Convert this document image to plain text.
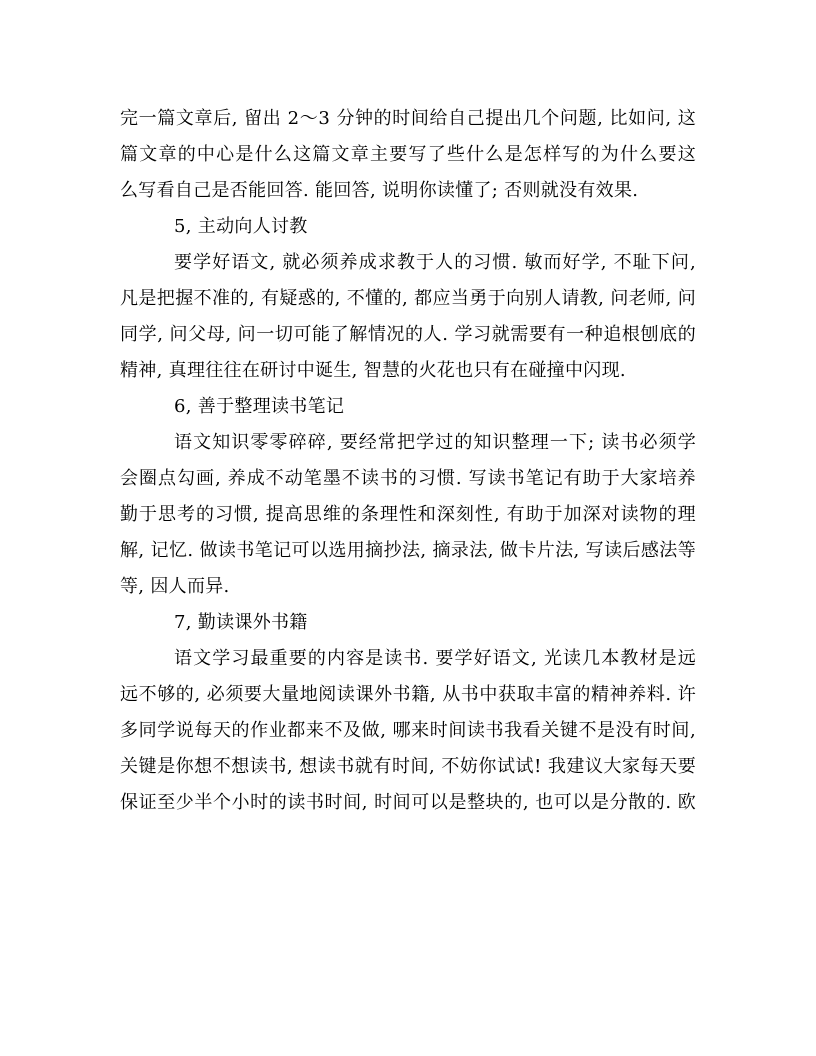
完一篇文章后, 留出 2～3 分钟的时间给自己提出几个问题, 比如问, 这
篇文章的中心是什么这篇文章主要写了些什么是怎样写的为什么要这
么写看自己是否能回答. 能回答, 说明你读懂了; 否则就没有效果.
5, 主动向人讨教
要学好语文, 就必须养成求教于人的习惯. 敏而好学, 不耻下问,
凡是把握不准的, 有疑惑的, 不懂的, 都应当勇于向别人请教, 问老师, 问
同学, 问父母, 问一切可能了解情况的人. 学习就需要有一种追根刨底的
精神, 真理往往在研讨中诞生, 智慧的火花也只有在碰撞中闪现.
6, 善于整理读书笔记
语文知识零零碎碎, 要经常把学过的知识整理一下; 读书必须学
会圈点勾画, 养成不动笔墨不读书的习惯. 写读书笔记有助于大家培养
勤于思考的习惯, 提高思维的条理性和深刻性, 有助于加深对读物的理
解, 记忆. 做读书笔记可以选用摘抄法, 摘录法, 做卡片法, 写读后感法等
等, 因人而异.
7, 勤读课外书籍
语文学习最重要的内容是读书. 要学好语文, 光读几本教材是远
远不够的, 必须要大量地阅读课外书籍, 从书中获取丰富的精神养料. 许
多同学说每天的作业都来不及做, 哪来时间读书我看关键不是没有时间,
关键是你想不想读书, 想读书就有时间, 不妨你试试! 我建议大家每天要
保证至少半个小时的读书时间, 时间可以是整块的, 也可以是分散的. 欧
